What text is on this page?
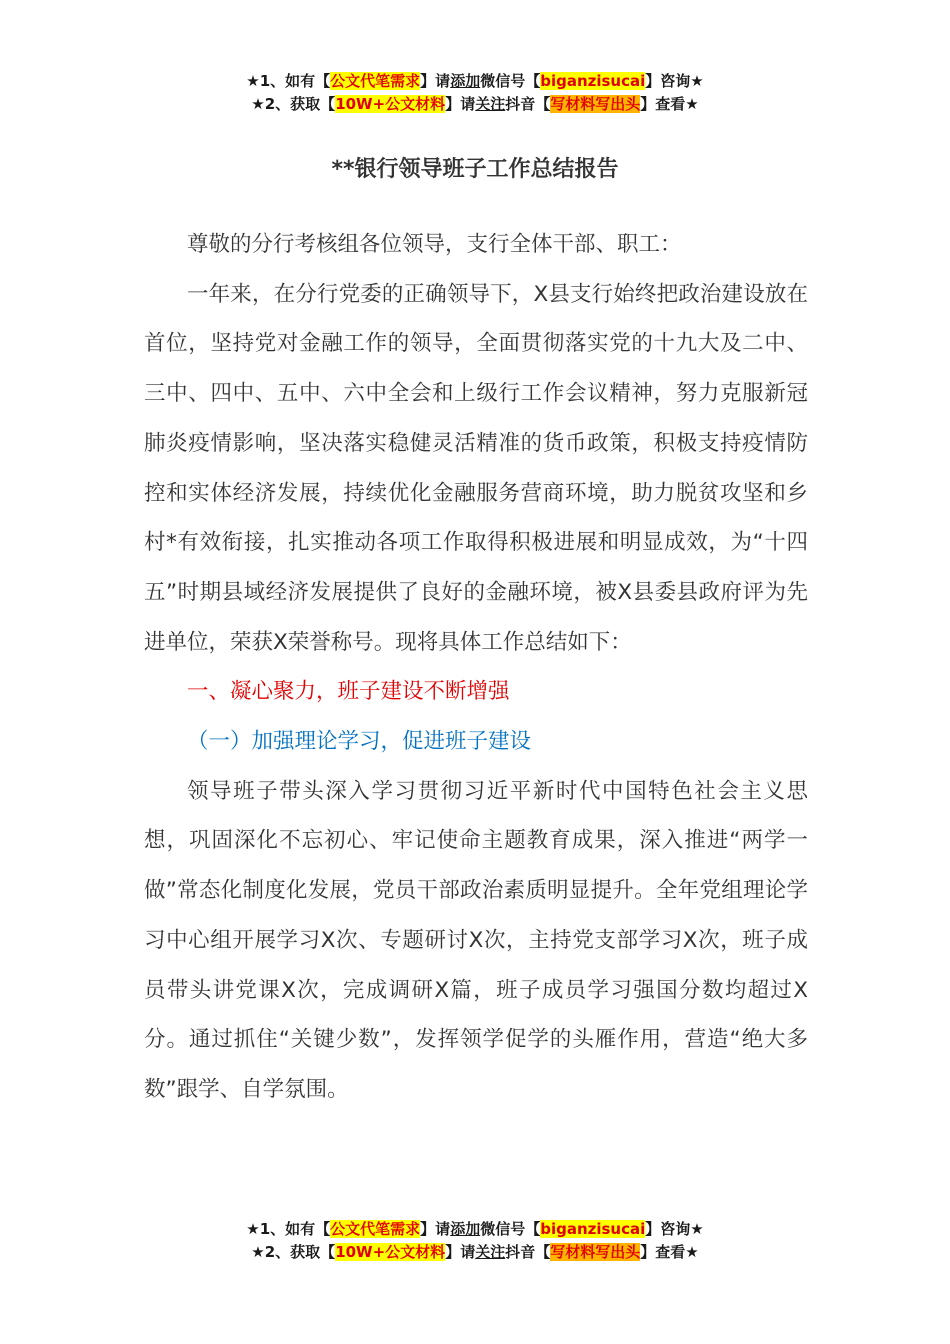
★1、如有【公文代笔需求】请添加微信号【biganzisucai】咨询★
★2、获取【10W+公文材料】请关注抖音【写材料写出头】查看★
**银行领导班子工作总结报告

尊敬的分行考核组各位领导，支行全体干部、职工：

一年来，在分行党委的正确领导下，X县支行始终把政治建设放在首位，坚持党对金融工作的领导，全面贯彻落实党的十九大及二中、三中、四中、五中、六中全会和上级行工作会议精神，努力克服新冠肺炎疫情影响，坚决落实稳健灵活精准的货币政策，积极支持疫情防控和实体经济发展，持续优化金融服务营商环境，助力脱贫攻坚和乡村*有效衔接，扎实推动各项工作取得积极进展和明显成效，为“十四五”时期县域经济发展提供了良好的金融环境，被X县委县政府评为先进单位，荣获X荣誉称号。现将具体工作总结如下：

一、凝心聚力，班子建设不断增强

（一）加强理论学习，促进班子建设

领导班子带头深入学习贯彻习近平新时代中国特色社会主义思想，巩固深化不忘初心、牢记使命主题教育成果，深入推进“两学一做”常态化制度化发展，党员干部政治素质明显提升。全年党组理论学习中心组开展学习X次、专题研讨X次，主持党支部学习X次，班子成员带头讲党课X次，完成调研X篇，班子成员学习强国分数均超过X分。通过抓住“关键少数”，发挥领学促学的头雁作用，营造“绝大多数”跟学、自学氛围。

★1、如有【公文代笔需求】请添加微信号【biganzisucai】咨询★
★2、获取【10W+公文材料】请关注抖音【写材料写出头】查看★
